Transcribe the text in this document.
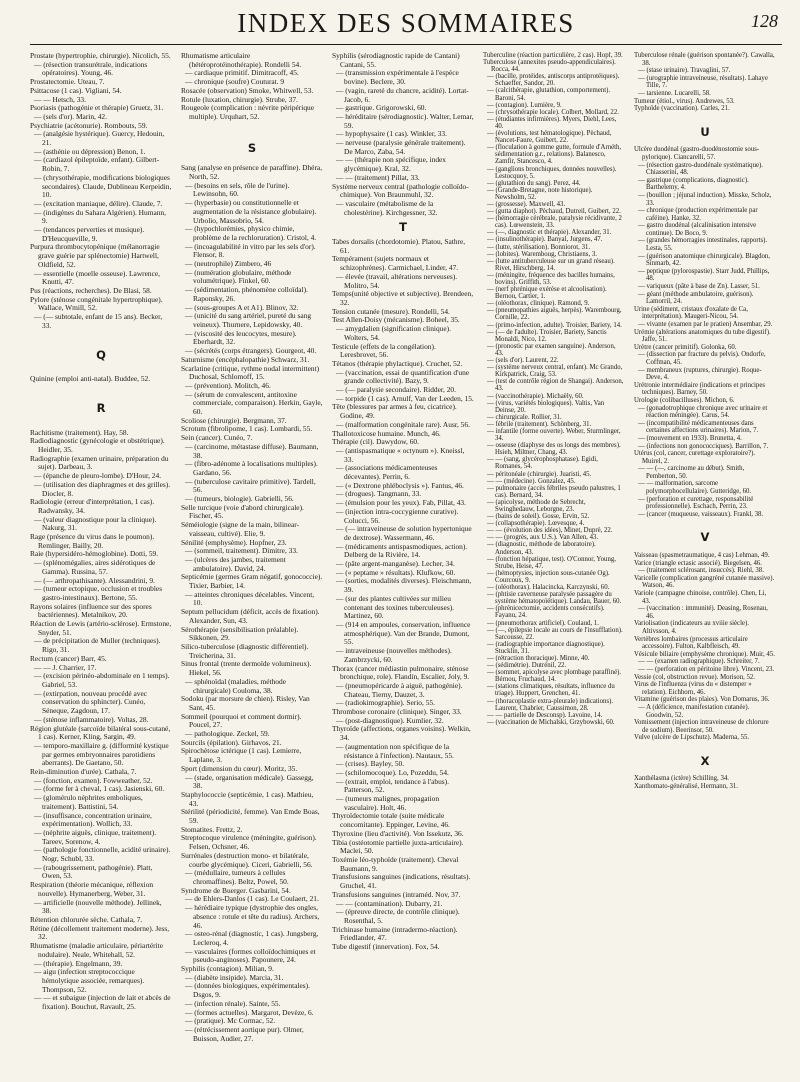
INDEX DES SOMMAIRES	128

Prostate (hypertrophie, chirurgie). Nicolich, 55.

— (résection transurétrale, indications opératoires). Young, 46.

Prostatectomie. Uteau, 7.

Psittacose (1 cas). Vigliani, 54.

— — Hetsch, 33.

Psoriasis (pathogénie et thérapie) Gruetz, 31.

— (sels d'or). Marin, 42.

Psychiatrie (acétonurie). Rombouts, 59.

— (analgésie hystérique). Guercy, Hedouin, 21.

— (asthénie ou dépression) Benon, 1.

— (cardiazol épileptoïde, enfant). Gilbert-Robin, 7.

— (chrysothérapie, modifications biologiques secondaires). Claude, Dublineau Kerpeidin, 10.

— (excitation maniaque, délire). Claude, 7.

— (indigènes du Sahara Algérien). Humann, 9.

— (tendances perverties et musique). D'Heucqueville, 9.

Purpura thrombocytopénique (mélanorragie grave guérie par splénectomie) Hartwell, Oldfield, 52.

— essentielle (moelle osseuse). Lawrence, Knutti, 47.

Pus (réactions, recherches). De Blasi, 58.

Pylore (sténose congénitale hypertrophique). Wallace, Wmill, 52.

— (— subtotale, enfant de 15 ans). Becker, 33.

Q

Quinine (emploi anti-natal). Buddee, 52.

R

Rachitisme (traitement). Hay, 58.

Radiodiagnostic (gynécologie et obstétrique). Heidler, 35.

Radiographie (examen urinaire, préparation du sujet). Darbeau, 3.

— (épanche de pleuro-lombe). D'Hour, 24.

— (utilisation des diaphragmes et des grilles). Diocler, 8.

Radiologie (erreur d'interprétation, 1 cas). Radwansky, 34.

— (valeur diagnostique pour la clinique). Nakurg, 31.

Rage (présence du virus dans le poumon). Remlinger, Bailly, 20.

Raie (hypersidéro-hémoglobine). Dotti, 59.

— (splénomégalies, aires sidérotiques de Gamma). Russina, 57.

— (— arthropathisante). Alessandrini, 9.

— (tumeur ectopique, occlusion et troubles gastro-intestinaux). Bertone, 55.

Rayons solaires (influence sur des spores bactériennes). Metalnikov, 20.

Réaction de Lewis (artério-sclérose). Ermstone, Snyder, 51.

— de précipitation de Muller (techniques). Rigo, 31.

Rectum (cancer) Barr, 45.

— — J. Charrier, 17.

— (excision périnéo-abdominale en 1 temps). Gabriel, 53.

— (extirpation, nouveau procédé avec conservation du sphincter). Cunéo, Séneque, Zagdoun, 17.

— (sténose inflammatoire). Voltas, 28.

Région glutéale (sarcoïde bilatéral sous-cutané, 1 cas). Kerner, Kling, Sargin, 49.

— temporo-maxillaire g. (difformité kystique par germes embryonnaires parotidiens aberrants). De Gaetano, 50.

Rein-diminution d'urée). Cathala, 7.

— (fonction, examen). Fowweather, 52.

— (forme fer à cheval, 1 cas). Jasienski, 60.

— (glomérulo néphrites emboliques, traitement). Battistini, 54.

— (insuffisance, concentration urinaire, expérimentation). Wollich, 33.

— (néphrite aiguës, clinique, traitement). Tareev, Sorenow, 4.

— (pathologie fonctionnelle, acidité urinaire). Nogr, Schubl, 33.

— (rabougrissement, pathogénie). Platt, Owen, 53.

Respiration (théorie mécanique, réflexion nouvelle). Hymanerberg, Weber, 31.

— artificielle (nouvelle méthode). Jellinek, 38.

Rétention chlorurée sèche. Cathala, 7.

Rétine (décollement traitement moderne). Jess, 32.

Rhumatisme (maladie articulaire, périartérite nodulaire). Neale, Whitehall, 52.

— (thérapie). Engelmann, 39.

— aigu (infection streptococcique hémolytique associée, remarques). Thompson, 52.

— — et subaigue (injection de lait et abcès de fixation). Bouchut, Ravault, 25.

Rhumatisme articulaire (hétéroprotéinothérapie). Rondelli 54.

— cardiaque primitif. Dimitracoff, 45.

— chronique (soufre) Couturat. 9

Rosacée (observation) Smoke, Whitwell, 53.

Rotule (luxation, chirurgie). Strube, 37.

Rougeole (complication : névrite péripérique multiple). Urquhart, 52.

S

Sang (analyse en présence de paraffine). Dhéra, North, 52.

— (besoins en sels, rôle de l'urine). Lewinsohn, 60.

— (hyperbasie) ou constitutionnelle et augmentation de la résistance globulaire). Urbolio, Massobrio, 54.

— (hypochlorémies, physico chimie, problème de la rechloruration). Cristol, 4.

— (incoagulabilité in vitro par les sels d'or). Flensor, 8.

— (neutrophile) Zimbero, 46

— (numération globulaire, méthode volumétrique). Finkel, 60.

— (sédimentation, phénomène colloïdal). Raponsky, 26.

— (sous-groupes A et A1). Blinov, 32.

— (unicité du sang artériel, pureté du sang veineux). Thurnere, Lepidowsky, 40.

— (viscosité des leucocytes, mesure). Eberhardt, 32.

— (sécrétés (corps étrangers). Gourgeot, 40.

Saturnisme (encéphalopathie) Schwarz, 31.

Scarlatine (critique, rythme nodal intermittent) Duchosal, Schlomoff, 15.

— (prévention). Molitch, 46.

— (sérum de convalescent, antitoxine commerciale, comparaison). Herkin, Gayle, 60.

Scoliose (chirurgie). Bergmann, 37.

Scrotum (fibrolipome, 1 cas). Lombardi, 55.

Sein (cancer). Cunéo, 7.

— (carcinome, métastase diffuse). Baumann, 38.

— (fibro-adénome à localisations multiples). Gardano, 56.

— (tuberculose cavitaire primitive). Tardell, 56.

— (tumeurs, biologie). Gabrielli, 56.

Selle turcique (voie d'abord chirurgicale). Fischer, 45.

Séméiologie (signe de la main, bilinear-vaisseau, cultivé). Elie, 9.

Sénilité (emphysème). Hopfner, 23.

— (sommeil, traitement). Dimitre, 33.

— (ulcères des jambes, traitement ambulatoire). David, 24.

Septicémie (germes Gram négatif, gonococcie). Tixier, Barbier, 14.

— atteintes chroniques décelables. Vincent, 10.

Septum pellucidum (déficit, accès de fixation). Alexander, Sun, 43.

Sérothérapie (sensibilisation préalable). Sikkonen, 29.

Silico-tuberculose (diagnostic différentiel). Treicherina, 31.

Sinus frontal (trente dermoïde volumineux). Hiekel, 56.

— sphénoïdal (maladies, méthode chirurgicale) Couloma, 38.

Sodoku (par morsure de chien). Risley, Van Sant, 45.

Sommeil (pourquoi et comment dormir). Poucel, 27.

— pathologique. Zeckel, 59.

Sourcils (épilation). Girhavos, 21.

Spirochètose ictérique (1 cas). Lemierre, Laplane, 3.

Sport (dimension du cœur). Moritz, 35.

— (stade, organisation médicale). Gassegg, 38.

Staphylococcie (septicémie, 1 cas). Mathieu, 43.

Stérilité (périodicité, femme). Van Emde Boas, 59.

Stomatites. Frettz, 2.

Streptocoque virulence (méningite, guérison). Felsen, Ochsner, 46.

Surrénales (destruction mono- et bilatérale, courbe glycémique). Ciceri, Gabrielli, 56.

— (médullaire, tumeurs à cellules chromaffines). Beltz, Powel, 50.

Syndrome de Buerger. Gasbarini, 54.

— de Ehlers-Danlos (1 cas). Le Coulaert, 21.

— hérédiaire typique (dystrophie des ongles, absence : rotule et tête du radius). Archers, 46.

— osteo-rénal (diagnostic, 1 cas). Jungsberg, Lecleroq, 4.

— vasculaires (formes colloïdochimiques et pseudo-anginoses). Papounere, 24.

Syphilis (contagion). Milian, 9.

— (diabète insipide). Marcia, 31.

— (données biologiques, expérimentales). Dsgos, 9.

— (infection rénale). Sainte, 55.

— (formes actuelles). Margarot, Devèze, 6.

— (pratique). Mc Cormac, 52.

— (rétrécissement aortique pur). Olmer, Buisson, Audier, 27.

Syphilis (sérodiagnostic rapide de Cantani) Cantani, 55.

— (transmission expérimentale à l'espèce bovine). Beclere, 30.

— (vagin, rareté du chancre, acidité). Lortat-Jacob, 6.

— gastrique. Grigorowski, 60.

— héréditaire (sérodiagnostic). Walter, Lemar, 59.

— hypophysaire (1 cas). Winkler, 33.

— nerveuse (paralysie générale traitement). De Marco, Zaba, 54.

— — (thérapie non spécifique, index glycémique). Kral, 32.

— — (traitement) Pillat, 33.

Système nerveux central (pathologie colloïdo-chimique). Von Braunmuhl, 32.

— vasculaire (métabolisme de la cholestérine). Kirchgessner, 32.

T

Tabes dorsalis (chordotomie). Platou, Sathre, 61.

Tempérament (sujets normaux et schizophrènes). Carmichael, Linder, 47.

— élevée (travail, altérations nerveuses). Molitro, 54.

Temps(unité objective et subjective). Brendeen, 32.

Tension cutanée (mesure). Rondelli, 54.

Test Allen-Doisy (mécanisme). Boheel, 35.

— amygdalien (signification clinique). Wolters, 54.

Testicule (effets de la congélation). Leresbrovet, 56.

Tétanos (thérapie phylactique). Cruchet, 52.

— (vaccination, essai de quantification d'une grande collectivité). Bazy, 9.

— (— paralysie secondaire). Ridder, 20.

— torpide (1 cas). Arnulf, Van der Leeden, 15.

Tête (blessures par armes à feu, cicatrice). Godine, 49.

— (malformation congénitale rare). Ausr, 56.

Thallotoxicose humaine. Munch, 46.

Thérapie (cil). Dawydow, 60.

— (antispasmatique « octynum »). Kneissl, 33.

— (associations médicamenteuses décevantes). Perrin, 6.

— (« Dextrone phléboclysis »). Fantus, 46.

— (drogues). Tangmann, 33.

— (émulsion pour les yeux). Fab, Pillat, 43.

— (injection intra-coccygienne curative). Colucci, 56.

— (— intraveineuse de solution hypertonique de dextrose). Wassermann, 46.

— (médicaments antispasmodiques, action). Delberg de la Rivière, 14.

— (pâte argent-manganèse). Lecher, 34.

— (« peptame » résultats). Klufkow, 60.

— (sorties, modalités diverses). Fleischmann, 39.

— (sur des plantes cultivées sur milieu contenant des toxines tuberculeuses). Martinez, 60.

— (914 en ampoules, conservation, influence atmosphérique). Van der Brande, Dumont, 55.

— intraveineuse (nouvelles méthodes). Zambrzycki, 60.

Thorax (cancer médiastin pulmonaire, sténose bronchique, role). Flandin, Escalier, Joly, 9.

— (pneumopéricarde à aiguë, pathogénie). Chateau, Tierny, Dauzet, 3.

— (radiokimographie). Serio, 55.

Thrombose coronaire (clinique). Singer, 33.

— (post-diagnostique). Kumlier, 32.

Thyroïde (affections, organes voisins). Welkin, 34.

— (augmentation non spécifique de la résistance à l'infection). Nautaux, 55.

— (crises). Bayley, 50.

— (schilomocoque). Lo, Pozeddu, 54.

— (extrait, emploi, tendance à l'abus). Patterson, 52.

— (tumeurs malignes, propagation vasculaire). Holt, 46.

Thyroïdectomie totale (suite médicale concomitante). Eppinger, Levine, 46.

Thyroxine (lieu d'activité). Von Issekutz, 36.

Tibia (ostéotomie partielle juxta-articulaire). Maclei, 50.

Toxémie léo-typhoïde (traitement). Cheval Baumann, 9.

Transfusions sanguines (indications, résultats). Gruchel, 41.

Transfusions sanguines (intraméd. Nov, 37.

— — (contamination). Dubarry, 21.

— (épreuve directe, de contrôle clinique). Rosenthal, 5.

Trichinase humaine (intradermo-réaction). Friedlander, 47.

Tube digestif (innervation). Fox, 54.

Tuberculine (réaction particulière, 2 cas). Hopf, 39.

Tuberculose (annexites pseudo-appendiculaires). Rocca, 44.

— (bacille, protéides, antiscorps antiprotéiques). Schaeffer, Sandor, 20.

— (calcithérapie, glutathion, comportement). Baroni, 54.

— (contagion). Lumière, 9.

— (chrysothérapie locale). Colbert, Mollard, 22.

— (étudiantes infirmières). Myers, Diehl, Lees, 40.

— (évolutions, test hématologique). Pèchaud, Nancet-Faure, Guibert, 22.

— (floculation à gomme gutte, formule d'Arnéth, sédimentation g.r., relations). Balanesco, Zamfir, Stancesco, 4.

— (ganglions bronchiques, données nouvelles). Lestocquoy, 5.

— (glutathion du sang). Perez, 44.

— (Grande-Bretagne, note historique). Newsholm, 52.

— (grossesse). Maxwell, 43.

— (gutta diaphot). Pèchaud, Dutreil, Guibert, 22.

— (hémorragie cérébrale, paralysie récidivante, 2 cas). Lœwenstein, 33.

— (—, diagnostic et thérapie). Alexander, 31.

— (insulinothérapie). Banyal, Jurgens, 47.

— (lutte, stérilisation). Bonniorot, 31.

— (lobites). Waremboug, Christiaens, 3.

— (lutte antituberculeuse sur un grand réseau). Rivet, Hirschberg, 14.

— (méningite, fréquence des bacilles humains, bovins). Griffith, 53.

— (nerf phrénique exérèse et alcoolisation). Bernou, Cartier, 1.

— (oléothorax, clinique). Ramond, 9.

— (pneumopathies aiguës, herpès). Warembourg, Cornille, 22.

— (primo-infection, adulte). Troisier, Bariety, 14.

— (— de l'adulte). Troisier, Bariety, Sanctis Monaldi, Nico, 12.

— (pronostic par examen sanguine). Anderson, 43.

— (sels d'or). Laurent, 22.

— (système nerveux central, enfant). Mc Grando, Kirkpatrick, Craig, 53.

— (test de contrôle région de Shangai). Anderson, 43.

— (vaccinothérapie). Michaëly, 60.

— (virus, variétés biologiques). Valtis, Van Deinse, 20.

— chirurgicale. Rollier, 31.

— fébrile (traitement). Schönberg, 31.

— infantile (forme ouverte). Weber, Sturmlinger, 34.

— osseuse (diaphyse des os longs des membres). Hsieh, Miltner, Chang, 43.

— — (sang, glycérophosphatase). Egidi, Romanes, 54.

— péritonéale (chirurgie). Juaristi, 45.

— — (médecine). Gonzalez, 45.

— pulmonaire (accès fébriles pseudo palustres, 1 cas). Bernard, 34.

— (apicolyse, méthode de Sebrecht, Swinghedauw, Leborgne, 23.

— (bains de soleil). Gosse, Ervin, 52.

— (collapsothérapie). Lœvesque, 4.

— — (évolution des idées), Minet, Duprè, 22.

— — (progrès, aux U.S.). Van Allen, 43.

— (diagnostic, méthode de laboratoire). Anderson, 43.

— (fonction hépatique, test). O'Connor, Young, Strube, Heise, 47.

— (hémoptysies, injection sous-cutanée Og). Courcoux, 9.

— (oléothorax). Halacincka, Karczynski, 60.

— (phtisie caverneuse paralysée passagère du système hématopoïétique). Landau, Bauer, 60.

— (phrénicectomie, accidents consécutifs). Fayanu, 24.

— (pneumothorax artificiel). Coulaud, 1.

— (—, épilepsie locale au cours de l'insufflation). Sarcousse, 22.

— (radiographie importance diagnostique). Stucklin, 31.

— (rétraction thoracique). Minne, 40.

— (sédimétrie). Dutrénil, 22.

— (sommet, apicolyse avec plombage paraffiné). Bérnou, Fruchaud, 14.

— (stations climatiques, résultats, influence du triage). Huppert, Grenchen, 41.

— (thoracoplastie extra-pleurale) indications). Laurent, Chabrier, Caussimon, 28.

— — partielle de Desconsp). Lavoine, 14.

— (vaccination de Michalski, Grzybowski, 60.

Tuberculose rénale (guérison spontanée?). Cawalla, 38.

— (stase urinaire). Travaglini, 57.

— (urographie intraveineuse, résultats). Lahaye Tille, 7.

— tarsienne. Lucarelli, 58.

Tumeur (étiol., virus). Andrewes, 53.

Typhoïde (vaccination). Carles, 21.

U

Ulcère duodénal (gastro-duodénostomie sous-pylorique). Ciancarelli, 57.

— (résection gastro-duodénale systématique). Chiasserini, 48.

— gastrique (complications, diagnostic). Barthelemy, 4.

— (bouillon ; jéjunal induction). Misske, Scholz, 33.

— chronique (production expérimentale par caféine). Hanke, 32.

— gastro duodénal (alcalinisation intensive continue). De Boco, 9.

— (grandes hémorragies intestinales, rapports). Lesta, 55.

— (guérison anatomique chirurgicale). Blagdon, Sinmarb, 42.

— peptique (pylorospastie). Starr Judd, Phillips, 48.

— variqueux (pâte à base de Zn). Lasser, 51.

— géant (méthode ambulatoire, guérison). Lamorril, 24.

Urine (sédiment, cristaux d'oxalate de Ca, interprétation). Maugeri-Nicou, 54.

— vivante (examen par le pratien) Ansembar, 29.

Urémie (altérations anatomiques du tube digestif). Jaffe, 51.

Urètre (cancer primitif). Golonka, 60.

— (dissection par fracture du pelvis). Ondorfe, Coffman, 45.

— membraneux (ruptures, chirurgie). Roque-Deve, 4.

Urétronie intermédiaire (indications et principes techniques). Barney, 50.

Urologie (colibacilluses). Michon, 6.

— (gonadotrophique chronique avec urinaire et réaction méningée). Carus, 54.

— (incompatibilité médicamenteuses dans certaines affections urinaires). Marion, 7.

— (mouvement en 1933). Brunetta, 4.

— (infections non gonococciques). Barrillon, 7.

Utérus (col, cancer, curettage exploratoire?). Muirel, 2.

— — (—, carcinome au début). Smith, Pemberton, 50.

— — malformation, sarcome polymorphocellulaire). Gutteridge, 60.

— (perforation et curettage, responsabilité professionnelle). Eschach, Perrin, 23.

— (cancer (muqueuse, vaisseaux). Frankl, 38.

V

Vaisseau (spasmetraumatique, 4 cas) Lehman, 49.

Varice (triangle ectasic associé). Biegelsen, 46.

— (traitement sclérosant, insuccès). Riehl, 38.

Varicelle (complication gangréné cutanée massive). Watson, 46.

Variole (campagne chinoise, contrôle). Chen, Li, 43.

— (vaccination : immunité). Deasing, Rosenau, 46.

Variolisation (indicateurs au xviiie siècle). Altivsson, 4.

Vertèbres lombaires (processus articulaire accessoire). Fulton, Kalbfleisch, 49.

Vésicule biliaire (emphysème chronique). Muir, 45.

— — (examen radiographique). Schreiter, 7.

— — (perforation en péritoine libre). Vincent, 23.

Vessie (col, obstruction revue). Morison, 52.

Virus de l'influenza (virus du « distemper » relation). Eichhorn, 46.

Vitamine (guérison des plaies). Von Domarus, 36.

— A (déficience, manifestation cutanée). Goodwin, 52.

Vomissement (injection intraveineuse de chlorure de sodium). Beerinsor, 50.

Vulve (ulcère de Lipschutz). Maderna, 55.

X

Xanthélasma (ictère) Schilling, 34.

Xanthomato-généralisé, Hermann, 31.
